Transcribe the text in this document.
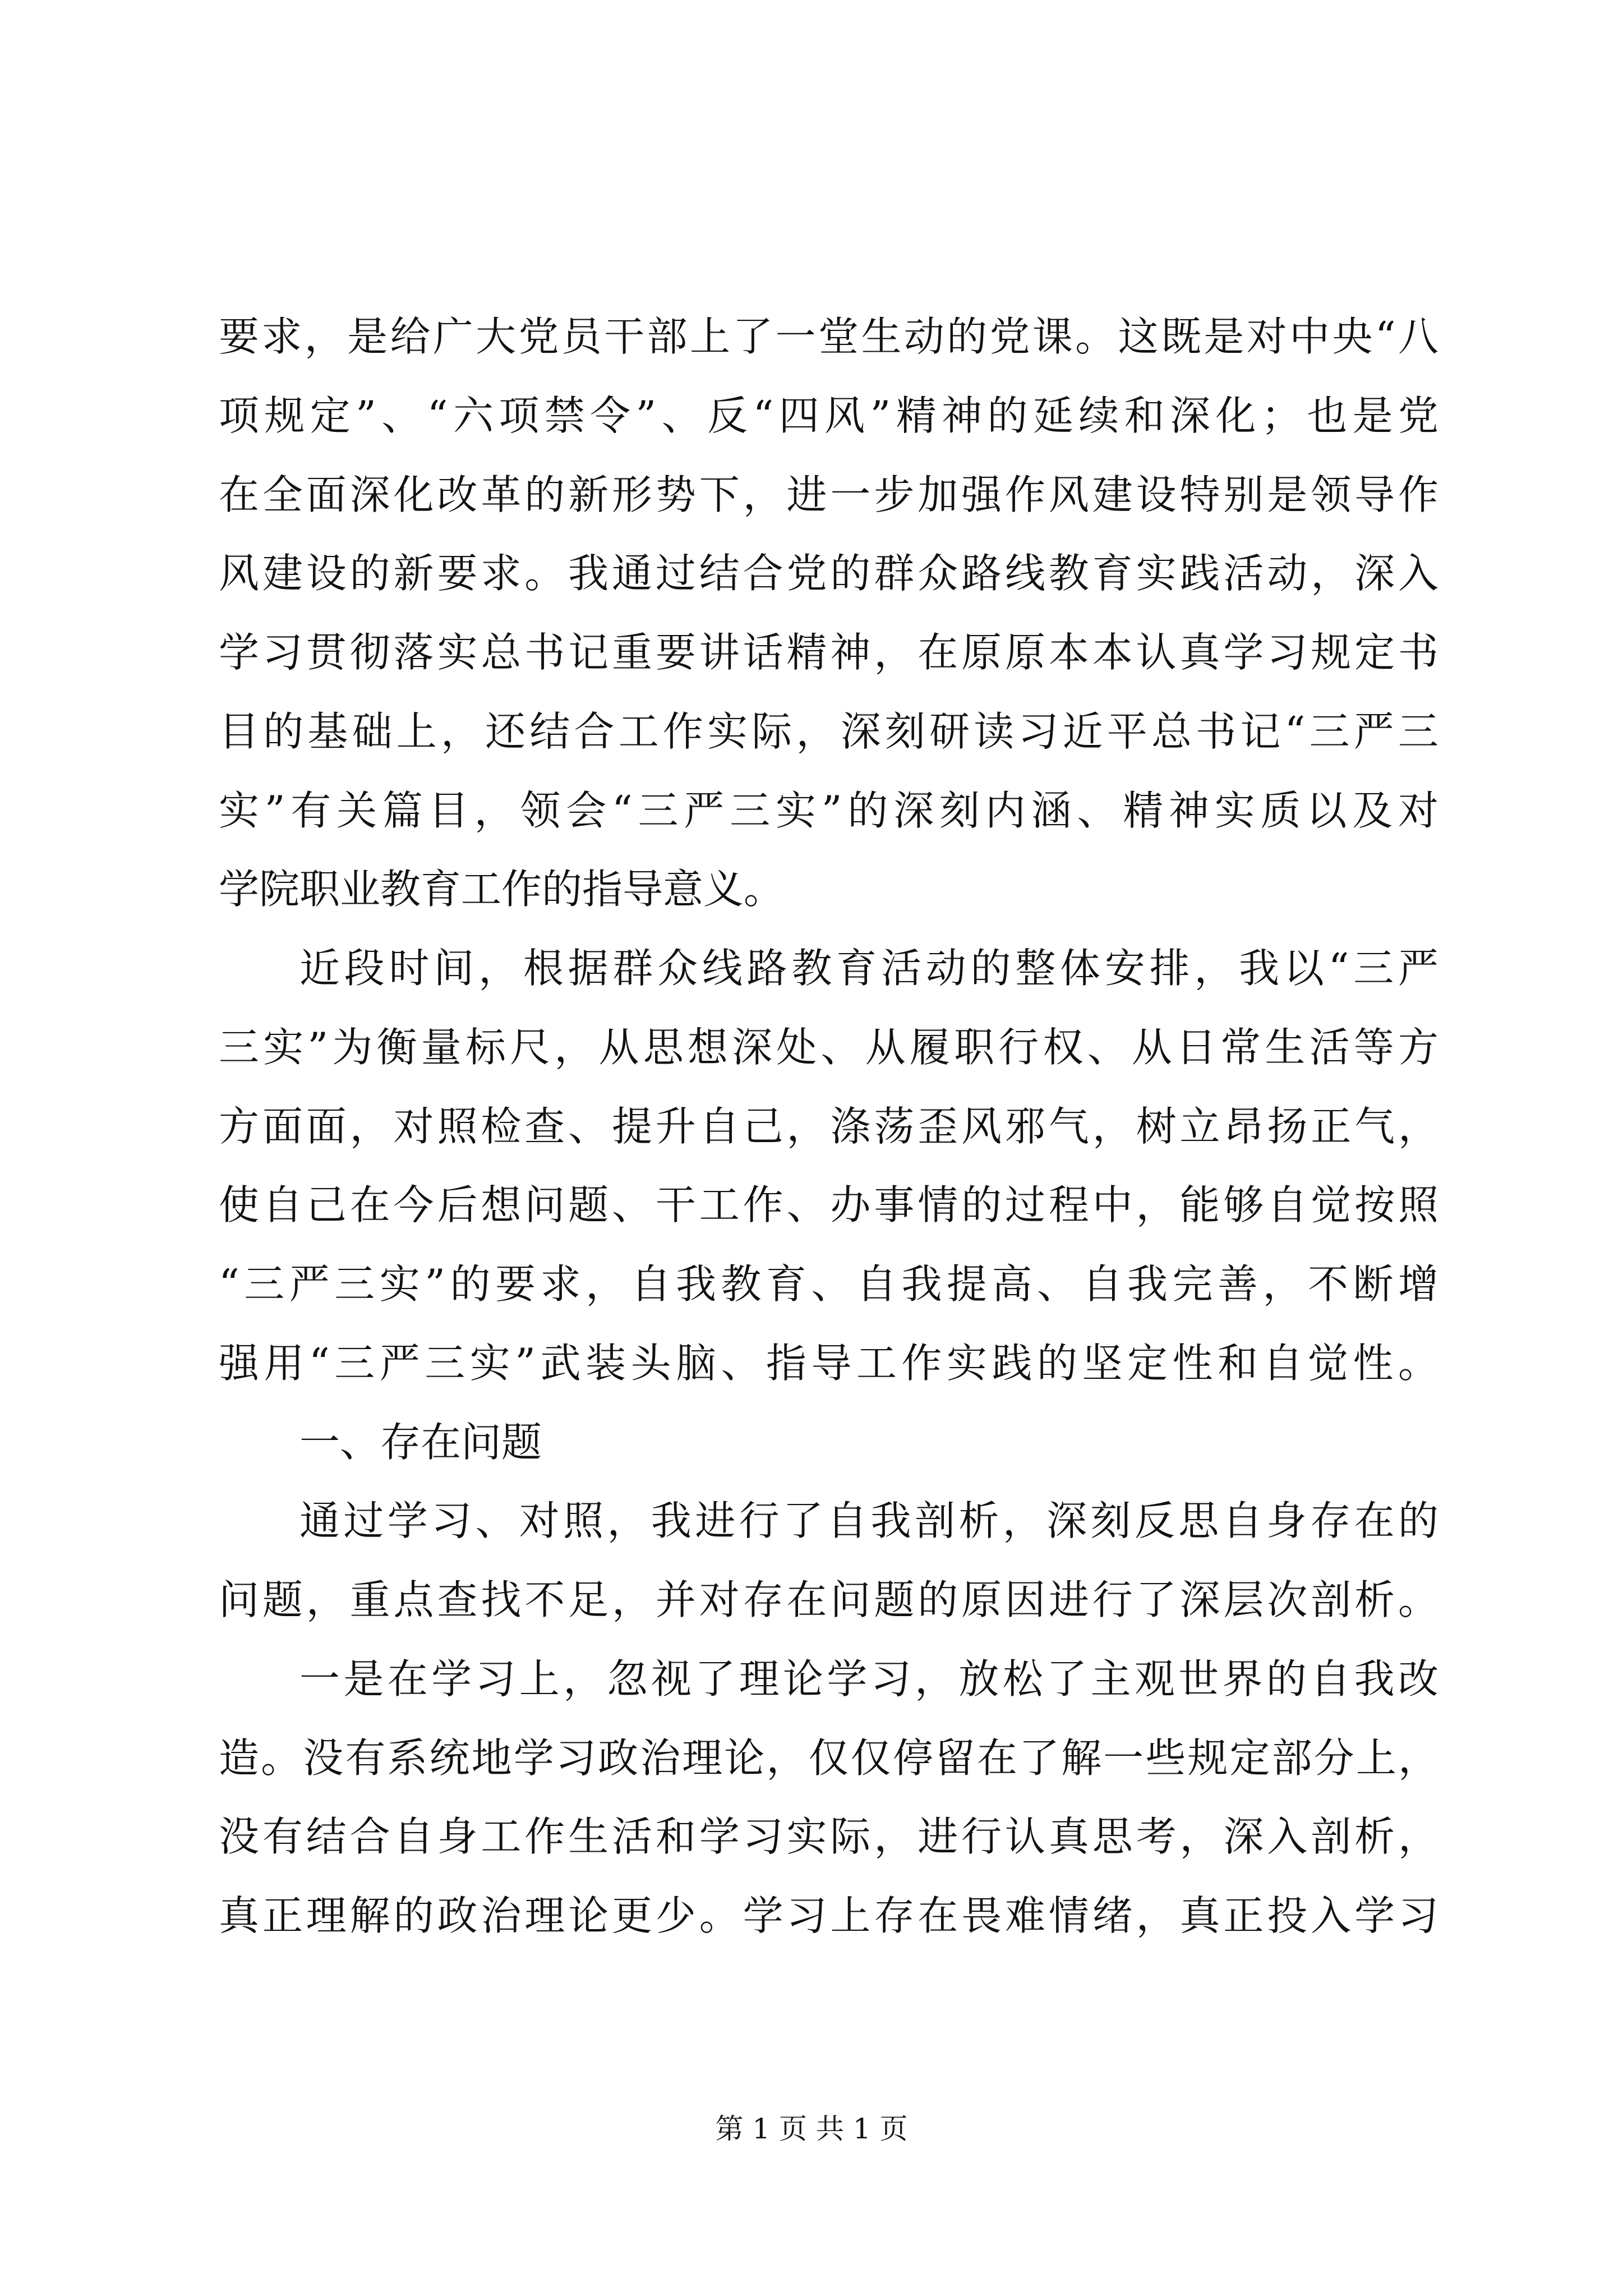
要求，是给广大党员干部上了一堂生动的党课。这既是对中央“八
项规定”、“六项禁令”、反“四风”精神的延续和深化；也是党
在全面深化改革的新形势下，进一步加强作风建设特别是领导作
风建设的新要求。我通过结合党的群众路线教育实践活动，深入
学习贯彻落实总书记重要讲话精神，在原原本本认真学习规定书
目的基础上，还结合工作实际，深刻研读习近平总书记“三严三
实”有关篇目，领会“三严三实”的深刻内涵、精神实质以及对
学院职业教育工作的指导意义。
近段时间，根据群众线路教育活动的整体安排，我以“三严
三实”为衡量标尺，从思想深处、从履职行权、从日常生活等方
方面面，对照检查、提升自己，涤荡歪风邪气，树立昂扬正气，
使自己在今后想问题、干工作、办事情的过程中，能够自觉按照
“三严三实”的要求，自我教育、自我提高、自我完善，不断增
强用“三严三实”武装头脑、指导工作实践的坚定性和自觉性。
一、存在问题
通过学习、对照，我进行了自我剖析，深刻反思自身存在的
问题，重点查找不足，并对存在问题的原因进行了深层次剖析。
一是在学习上，忽视了理论学习，放松了主观世界的自我改
造。没有系统地学习政治理论，仅仅停留在了解一些规定部分上，
没有结合自身工作生活和学习实际，进行认真思考，深入剖析，
真正理解的政治理论更少。学习上存在畏难情绪，真正投入学习
第 1 页 共 1 页
